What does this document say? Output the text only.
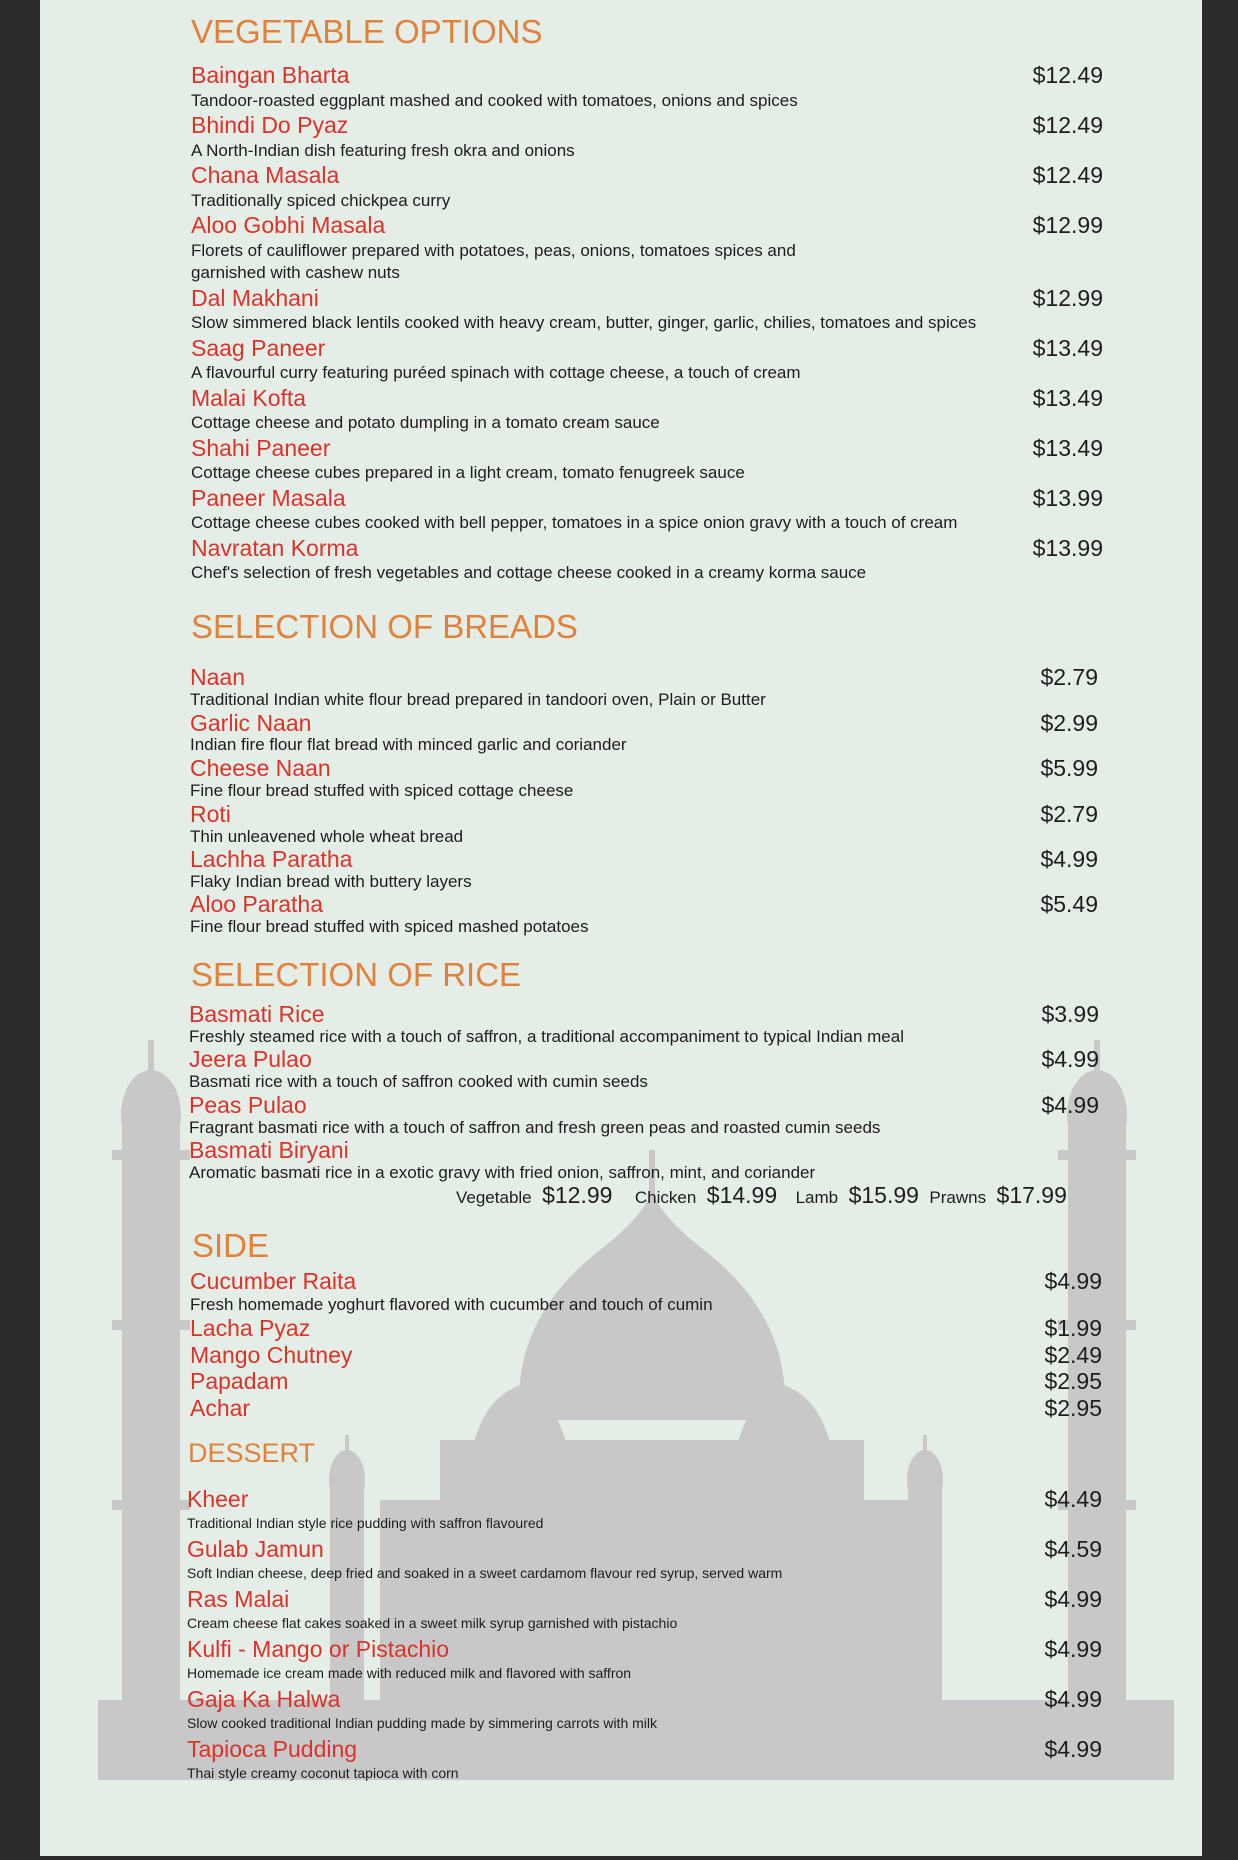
VEGETABLE OPTIONS
Baingan Bharta	$12.49
Tandoor-roasted eggplant mashed and cooked with tomatoes, onions and spices
Bhindi Do Pyaz	$12.49
A North-Indian dish featuring fresh okra and onions
Chana Masala	$12.49
Traditionally spiced chickpea curry
Aloo Gobhi Masala	$12.99
Florets of cauliflower prepared with potatoes, peas, onions, tomatoes spices and
garnished with cashew nuts
Dal Makhani	$12.99
Slow simmered black lentils cooked with heavy cream, butter, ginger, garlic, chilies, tomatoes and spices
Saag Paneer	$13.49
A flavourful curry featuring puréed spinach with cottage cheese, a touch of cream
Malai Kofta	$13.49
Cottage cheese and potato dumpling in a tomato cream sauce
Shahi Paneer	$13.49
Cottage cheese cubes prepared in a light cream, tomato fenugreek sauce
Paneer Masala	$13.99
Cottage cheese cubes cooked with bell pepper, tomatoes in a spice onion gravy with a touch of cream
Navratan Korma	$13.99
Chef's selection of fresh vegetables and cottage cheese cooked in a creamy korma sauce
SELECTION OF BREADS
Naan	$2.79
Traditional Indian white flour bread prepared in tandoori oven, Plain or Butter
Garlic Naan	$2.99
Indian fire flour flat bread with minced garlic and coriander
Cheese Naan	$5.99
Fine flour bread stuffed with spiced cottage cheese
Roti	$2.79
Thin unleavened whole wheat bread
Lachha Paratha	$4.99
Flaky Indian bread with buttery layers
Aloo Paratha	$5.49
Fine flour bread stuffed with spiced mashed potatoes
SELECTION OF RICE
Basmati Rice	$3.99
Freshly steamed rice with a touch of saffron, a traditional accompaniment to typical Indian meal
Jeera Pulao	$4.99
Basmati rice with a touch of saffron cooked with cumin seeds
Peas Pulao	$4.99
Fragrant basmati rice with a touch of saffron and fresh green peas and roasted cumin seeds
Basmati Biryani
Aromatic basmati rice in a exotic gravy with fried onion, saffron, mint, and coriander
Vegetable $12.99 Chicken $14.99 Lamb $15.99 Prawns $17.99
SIDE
Cucumber Raita	$4.99
Fresh homemade yoghurt flavored with cucumber and touch of cumin
Lacha Pyaz	$1.99
Mango Chutney	$2.49
Papadam	$2.95
Achar	$2.95
DESSERT
Kheer	$4.49
Traditional Indian style rice pudding with saffron flavoured
Gulab Jamun	$4.59
Soft Indian cheese, deep fried and soaked in a sweet cardamom flavour red syrup, served warm
Ras Malai	$4.99
Cream cheese flat cakes soaked in a sweet milk syrup garnished with pistachio
Kulfi - Mango or Pistachio	$4.99
Homemade ice cream made with reduced milk and flavored with saffron
Gaja Ka Halwa	$4.99
Slow cooked traditional Indian pudding made by simmering carrots with milk
Tapioca Pudding	$4.99
Thai style creamy coconut tapioca with corn
